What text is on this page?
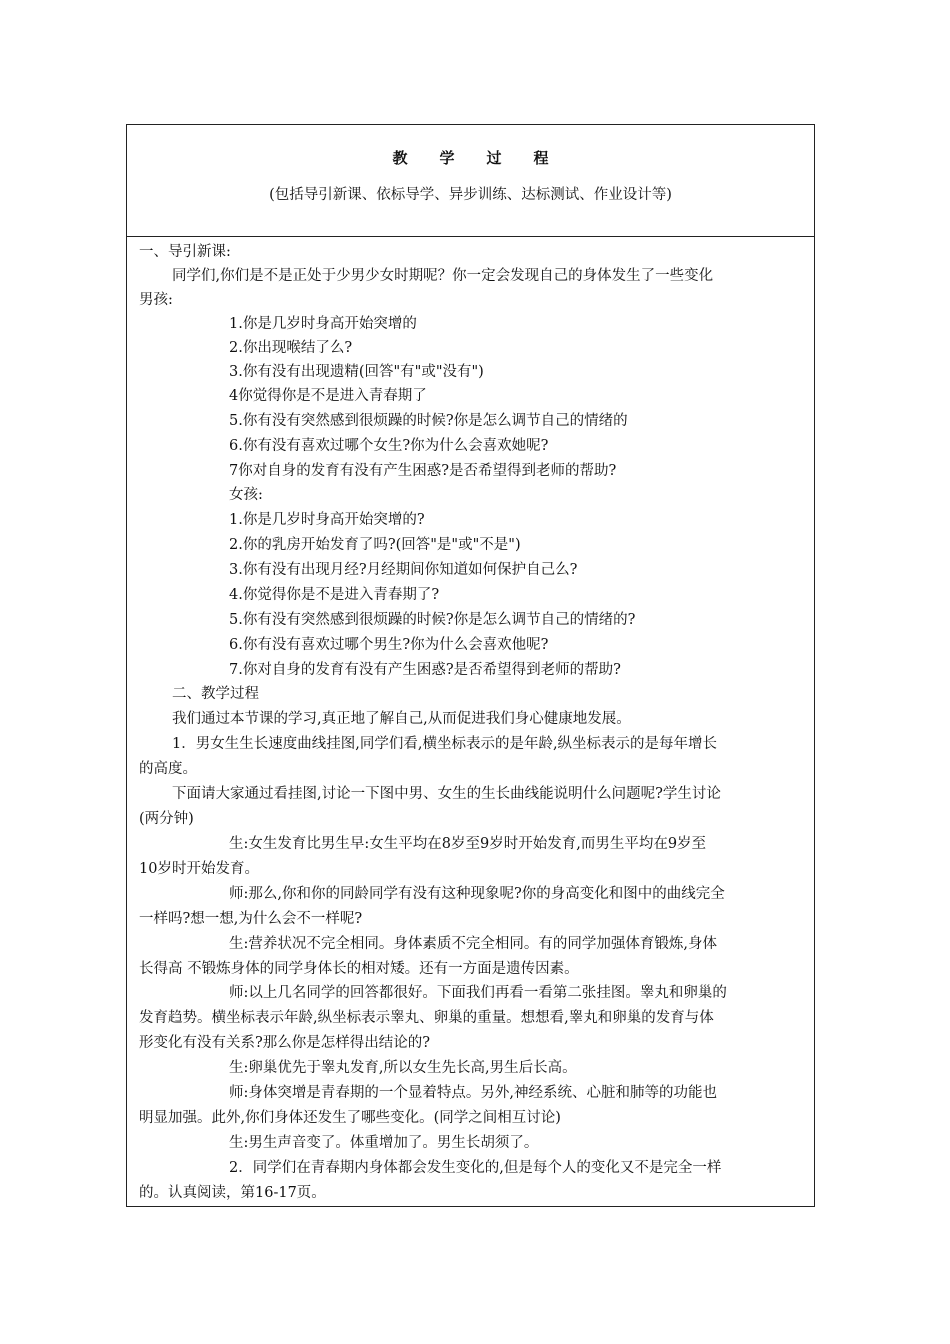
教学过程
(包括导引新课、依标导学、异步训练、达标测试、作业设计等)
一、导引新课:
同学们,你们是不是正处于少男少女时期呢？你一定会发现自己的身体发生了一些变化
男孩:
1.你是几岁时身高开始突增的
2.你出现喉结了么?
3.你有没有出现遗精(回答"有"或"没有")
4你觉得你是不是进入青春期了
5.你有没有突然感到很烦躁的时候?你是怎么调节自己的情绪的
6.你有没有喜欢过哪个女生?你为什么会喜欢她呢?
7你对自身的发育有没有产生困惑?是否希望得到老师的帮助?
女孩:
1.你是几岁时身高开始突增的?
2.你的乳房开始发育了吗?(回答"是"或"不是")
3.你有没有出现月经?月经期间你知道如何保护自己么?
4.你觉得你是不是进入青春期了?
5.你有没有突然感到很烦躁的时候?你是怎么调节自己的情绪的?
6.你有没有喜欢过哪个男生?你为什么会喜欢他呢?
7.你对自身的发育有没有产生困惑?是否希望得到老师的帮助?
二、教学过程
我们通过本节课的学习,真正地了解自己,从而促进我们身心健康地发展。
1．男女生生长速度曲线挂图,同学们看,横坐标表示的是年龄,纵坐标表示的是每年增长
的高度。
下面请大家通过看挂图,讨论一下图中男、女生的生长曲线能说明什么问题呢?学生讨论
(两分钟)
生:女生发育比男生早:女生平均在8岁至9岁时开始发育,而男生平均在9岁至
10岁时开始发育。
师:那么,你和你的同龄同学有没有这种现象呢?你的身高变化和图中的曲线完全
一样吗?想一想,为什么会不一样呢?
生:营养状况不完全相同。身体素质不完全相同。有的同学加强体育锻炼,身体
长得高 不锻炼身体的同学身体长的相对矮。还有一方面是遗传因素。
师:以上几名同学的回答都很好。下面我们再看一看第二张挂图。睾丸和卵巢的
发育趋势。横坐标表示年龄,纵坐标表示睾丸、卵巢的重量。想想看,睾丸和卵巢的发育与体
形变化有没有关系?那么你是怎样得出结论的?
生:卵巢优先于睾丸发育,所以女生先长高,男生后长高。
师:身体突增是青春期的一个显着特点。另外,神经系统、心脏和肺等的功能也
明显加强。此外,你们身体还发生了哪些变化。(同学之间相互讨论)
生:男生声音变了。体重增加了。男生长胡须了。
2．同学们在青春期内身体都会发生变化的,但是每个人的变化又不是完全一样
的。认真阅读，第16-17页。
